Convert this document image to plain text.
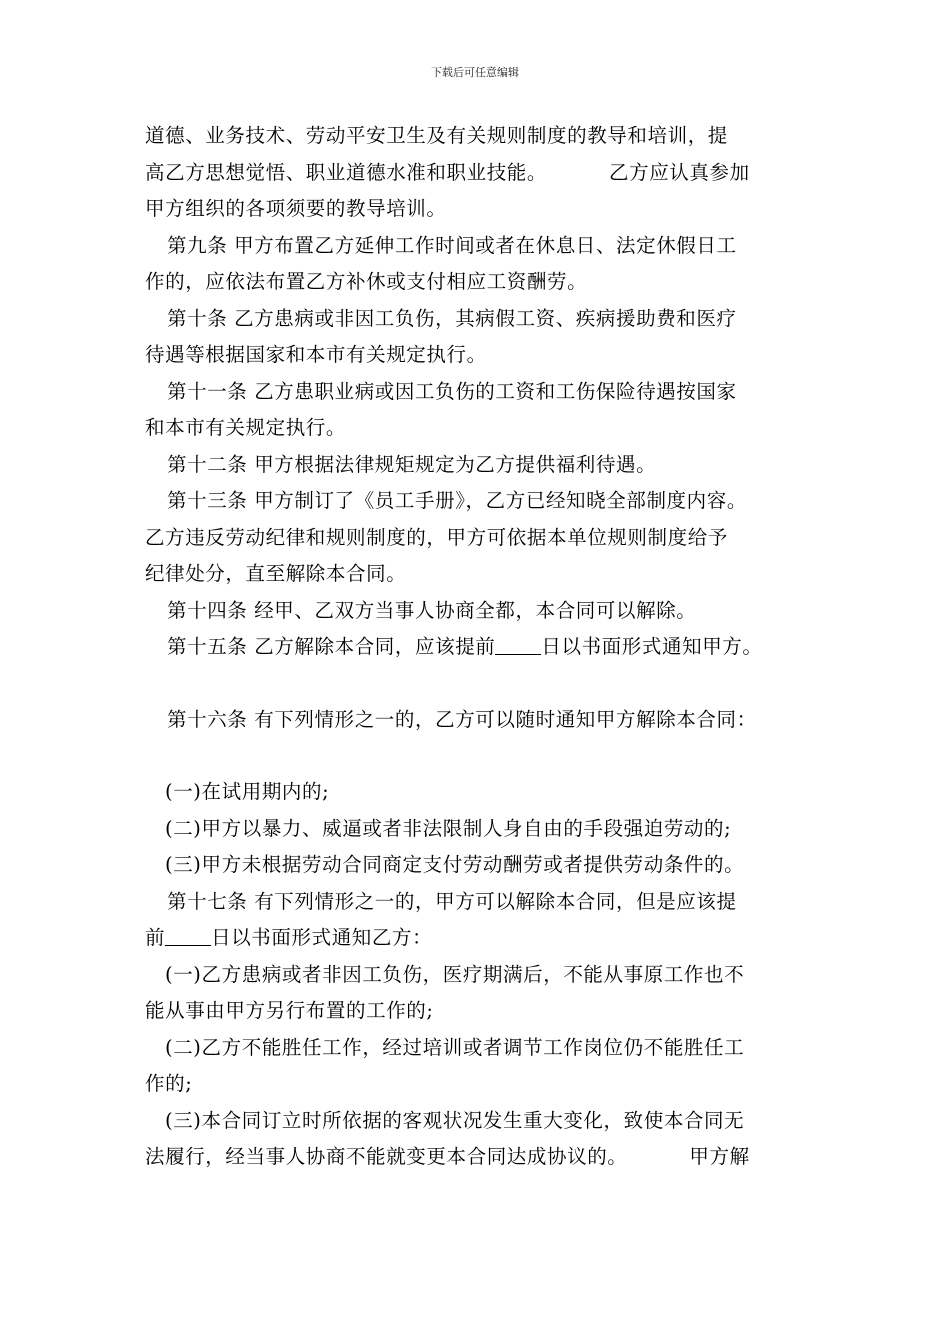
下载后可任意编辑
道德、业务技术、劳动平安卫生及有关规则制度的教导和培训，提
高乙方思想觉悟、职业道德水准和职业技能。	乙方应认真参加
甲方组织的各项须要的教导培训。
第九条 甲方布置乙方延伸工作时间或者在休息日、法定休假日工
作的，应依法布置乙方补休或支付相应工资酬劳。
第十条 乙方患病或非因工负伤，其病假工资、疾病援助费和医疗
待遇等根据国家和本市有关规定执行。
第十一条 乙方患职业病或因工负伤的工资和工伤保险待遇按国家
和本市有关规定执行。
第十二条 甲方根据法律规矩规定为乙方提供福利待遇。
第十三条 甲方制订了《员工手册》，乙方已经知晓全部制度内容。
乙方违反劳动纪律和规则制度的，甲方可依据本单位规则制度给予
纪律处分，直至解除本合同。
第十四条 经甲、乙双方当事人协商全都，本合同可以解除。
第十五条 乙方解除本合同，应该提前 日以书面形式通知甲方。
第十六条 有下列情形之一的，乙方可以随时通知甲方解除本合同：
(一)在试用期内的;
(二)甲方以暴力、威逼或者非法限制人身自由的手段强迫劳动的;
(三)甲方未根据劳动合同商定支付劳动酬劳或者提供劳动条件的。
第十七条 有下列情形之一的，甲方可以解除本合同，但是应该提
前 日以书面形式通知乙方：
(一)乙方患病或者非因工负伤，医疗期满后，不能从事原工作也不
能从事由甲方另行布置的工作的;
(二)乙方不能胜任工作，经过培训或者调节工作岗位仍不能胜任工
作的;
(三)本合同订立时所依据的客观状况发生重大变化，致使本合同无
法履行，经当事人协商不能就变更本合同达成协议的。	甲方解
